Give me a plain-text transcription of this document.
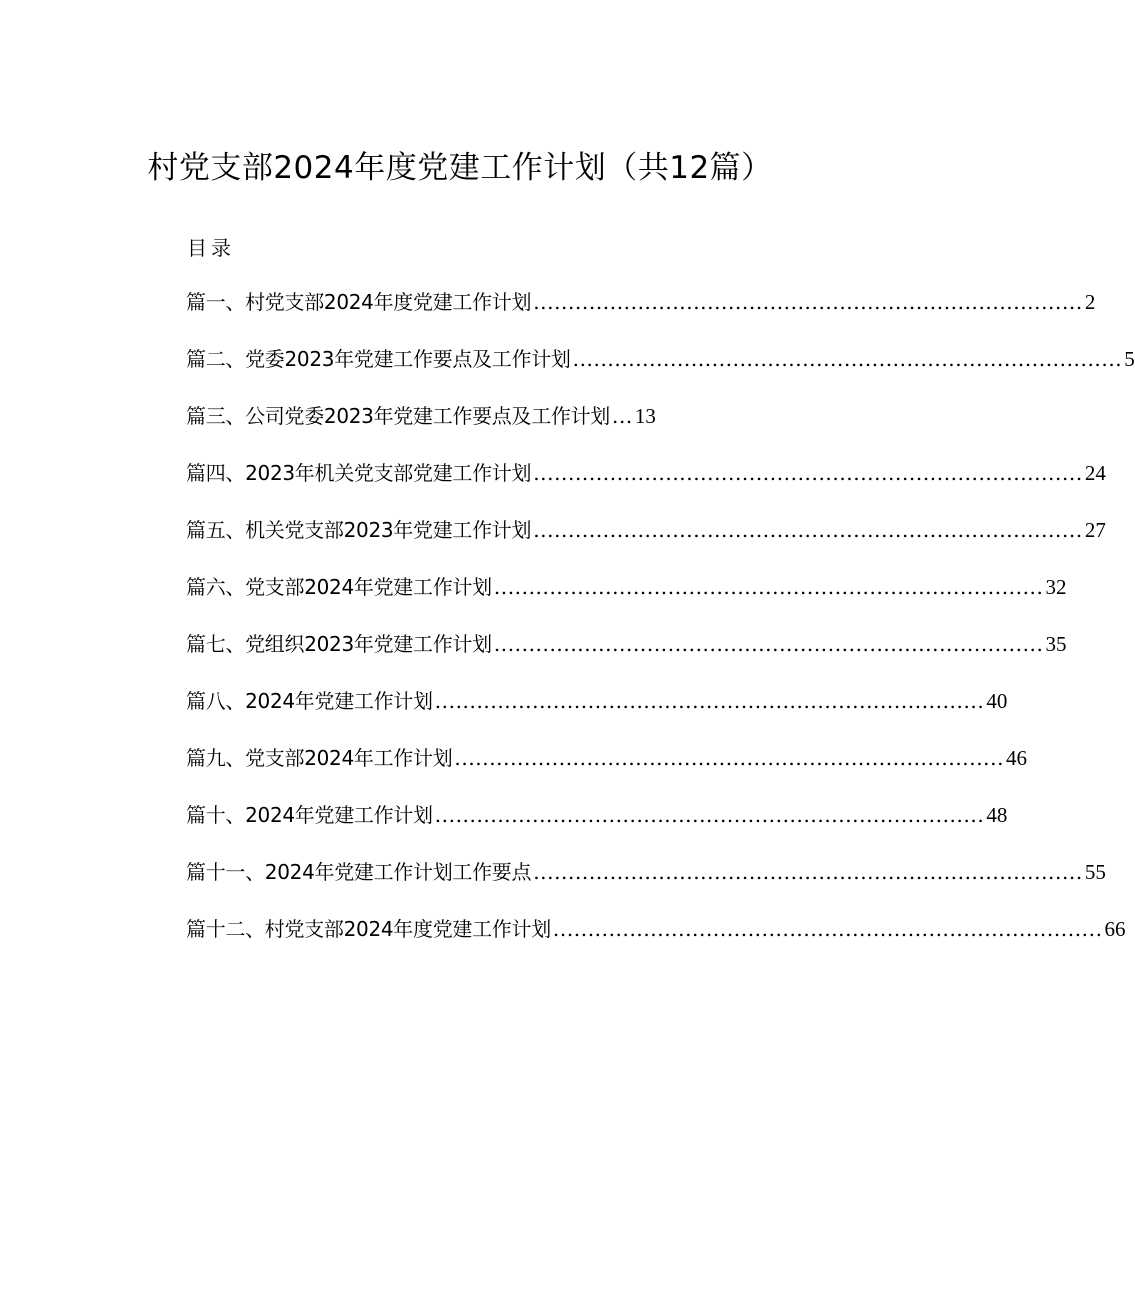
村党支部2024年度党建工作计划（共12篇）
目录
篇一、村党支部2024年度党建工作计划 ............................................................................... 2
篇二、党委2023年党建工作要点及工作计划 ............................................................................... 5
篇三、公司党委2023年党建工作要点及工作计划 ... 13
篇四、2023年机关党支部党建工作计划 ............................................................................... 24
篇五、机关党支部2023年党建工作计划 ............................................................................... 27
篇六、党支部2024年党建工作计划 ............................................................................... 32
篇七、党组织2023年党建工作计划 ............................................................................... 35
篇八、2024年党建工作计划 ............................................................................... 40
篇九、党支部2024年工作计划 ............................................................................... 46
篇十、2024年党建工作计划 ............................................................................... 48
篇十一、2024年党建工作计划工作要点 ............................................................................... 55
篇十二、村党支部2024年度党建工作计划 ............................................................................... 66
